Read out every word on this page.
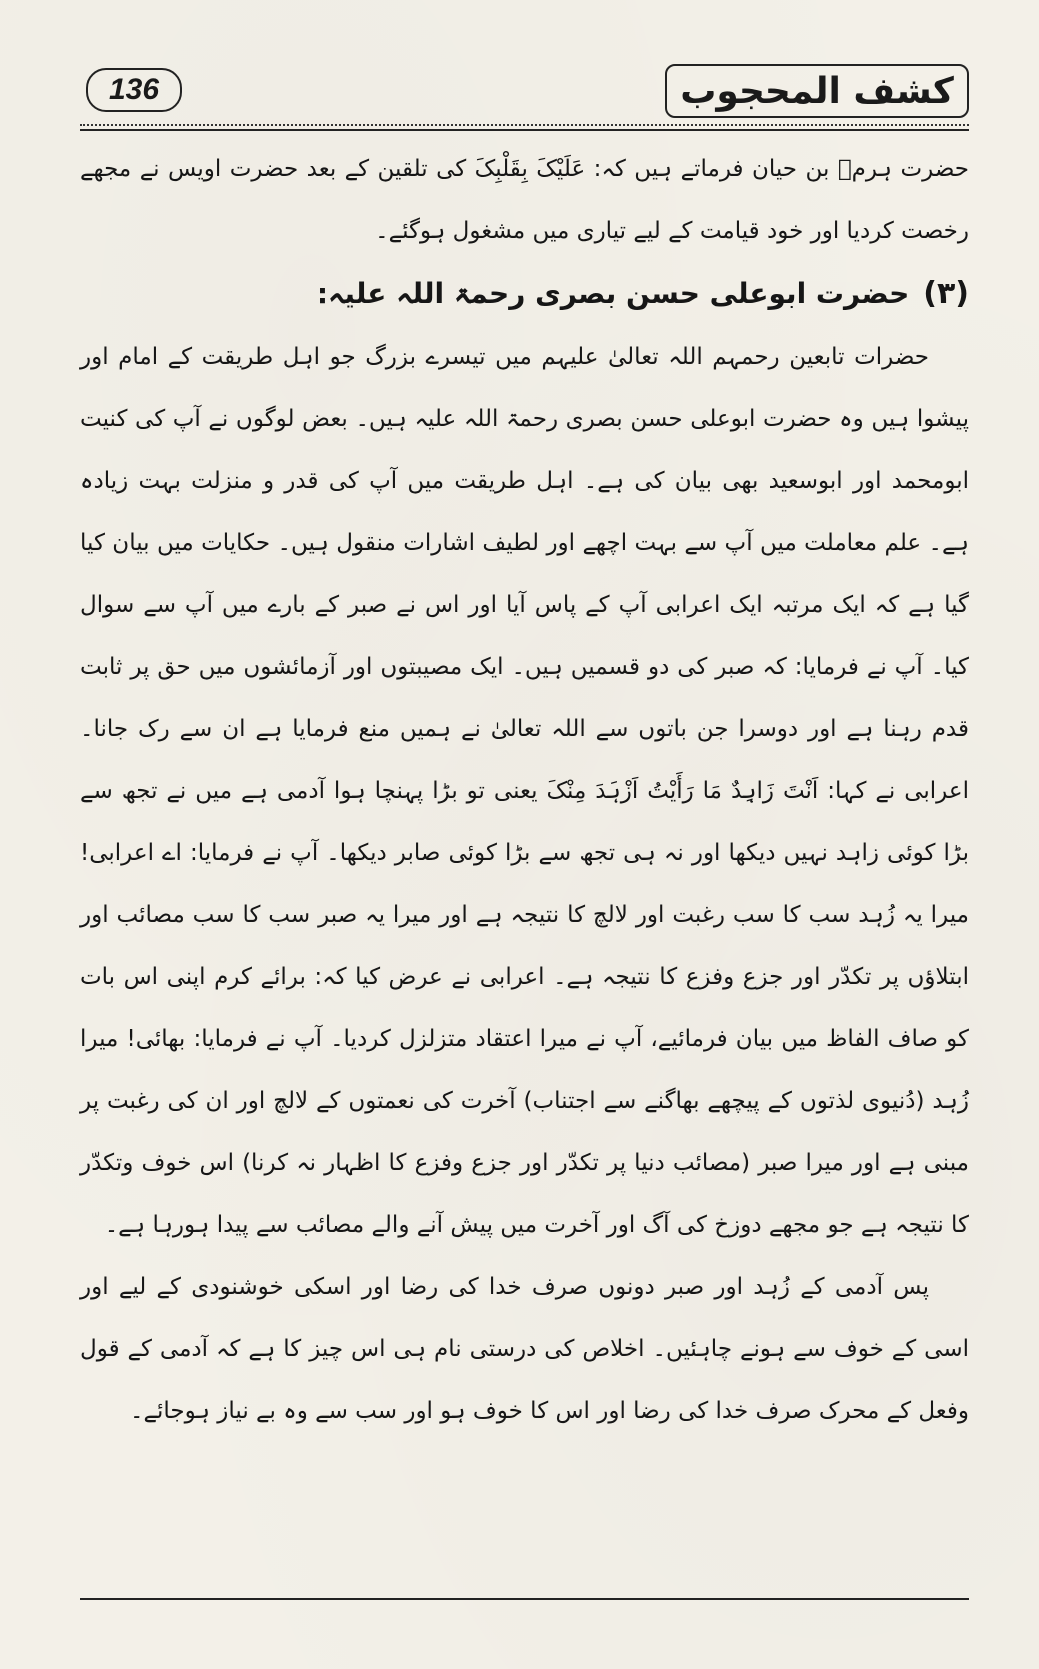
136	کشف المحجوب

حضرت ہرمؓ بن حیان فرماتے ہیں کہ: عَلَیْکَ بِقَلْبِکَ کی تلقین کے بعد حضرت اویس نے مجھے رخصت کردیا اور خود قیامت کے لیے تیاری میں مشغول ہوگئے۔

(۳)حضرت ابوعلی حسن بصری رحمۃ اللہ علیہ:

حضرات تابعین رحمہم اللہ تعالیٰ علیہم میں تیسرے بزرگ جو اہل طریقت کے امام اور پیشوا ہیں وہ حضرت ابوعلی حسن بصری رحمۃ اللہ علیہ ہیں۔ بعض لوگوں نے آپ کی کنیت ابومحمد اور ابوسعید بھی بیان کی ہے۔ اہل طریقت میں آپ کی قدر و منزلت بہت زیادہ ہے۔ علم معاملت میں آپ سے بہت اچھے اور لطیف اشارات منقول ہیں۔ حکایات میں بیان کیا گیا ہے کہ ایک مرتبہ ایک اعرابی آپ کے پاس آیا اور اس نے صبر کے بارے میں آپ سے سوال کیا۔ آپ نے فرمایا: کہ صبر کی دو قسمیں ہیں۔ ایک مصیبتوں اور آزمائشوں میں حق پر ثابت قدم رہنا ہے اور دوسرا جن باتوں سے اللہ تعالیٰ نے ہمیں منع فرمایا ہے ان سے رک جانا۔ اعرابی نے کہا: اَنْتَ زَاہِدٌ مَا رَأَیْتُ اَزْہَدَ مِنْکَ یعنی تو بڑا پہنچا ہوا آدمی ہے میں نے تجھ سے بڑا کوئی زاہد نہیں دیکھا اور نہ ہی تجھ سے بڑا کوئی صابر دیکھا۔ آپ نے فرمایا: اے اعرابی! میرا یہ زُہد سب کا سب رغبت اور لالچ کا نتیجہ ہے اور میرا یہ صبر سب کا سب مصائب اور ابتلاؤں پر تکدّر اور جزع وفزع کا نتیجہ ہے۔ اعرابی نے عرض کیا کہ: برائے کرم اپنی اس بات کو صاف الفاظ میں بیان فرمائیے، آپ نے میرا اعتقاد متزلزل کردیا۔ آپ نے فرمایا: بھائی! میرا زُہد (دُنیوی لذتوں کے پیچھے بھاگنے سے اجتناب) آخرت کی نعمتوں کے لالچ اور ان کی رغبت پر مبنی ہے اور میرا صبر (مصائب دنیا پر تکدّر اور جزع وفزع کا اظہار نہ کرنا) اس خوف وتکدّر کا نتیجہ ہے جو مجھے دوزخ کی آگ اور آخرت میں پیش آنے والے مصائب سے پیدا ہورہا ہے۔

پس آدمی کے زُہد اور صبر دونوں صرف خدا کی رضا اور اسکی خوشنودی کے لیے اور اسی کے خوف سے ہونے چاہئیں۔ اخلاص کی درستی نام ہی اس چیز کا ہے کہ آدمی کے قول وفعل کے محرک صرف خدا کی رضا اور اس کا خوف ہو اور سب سے وہ بے نیاز ہوجائے۔
